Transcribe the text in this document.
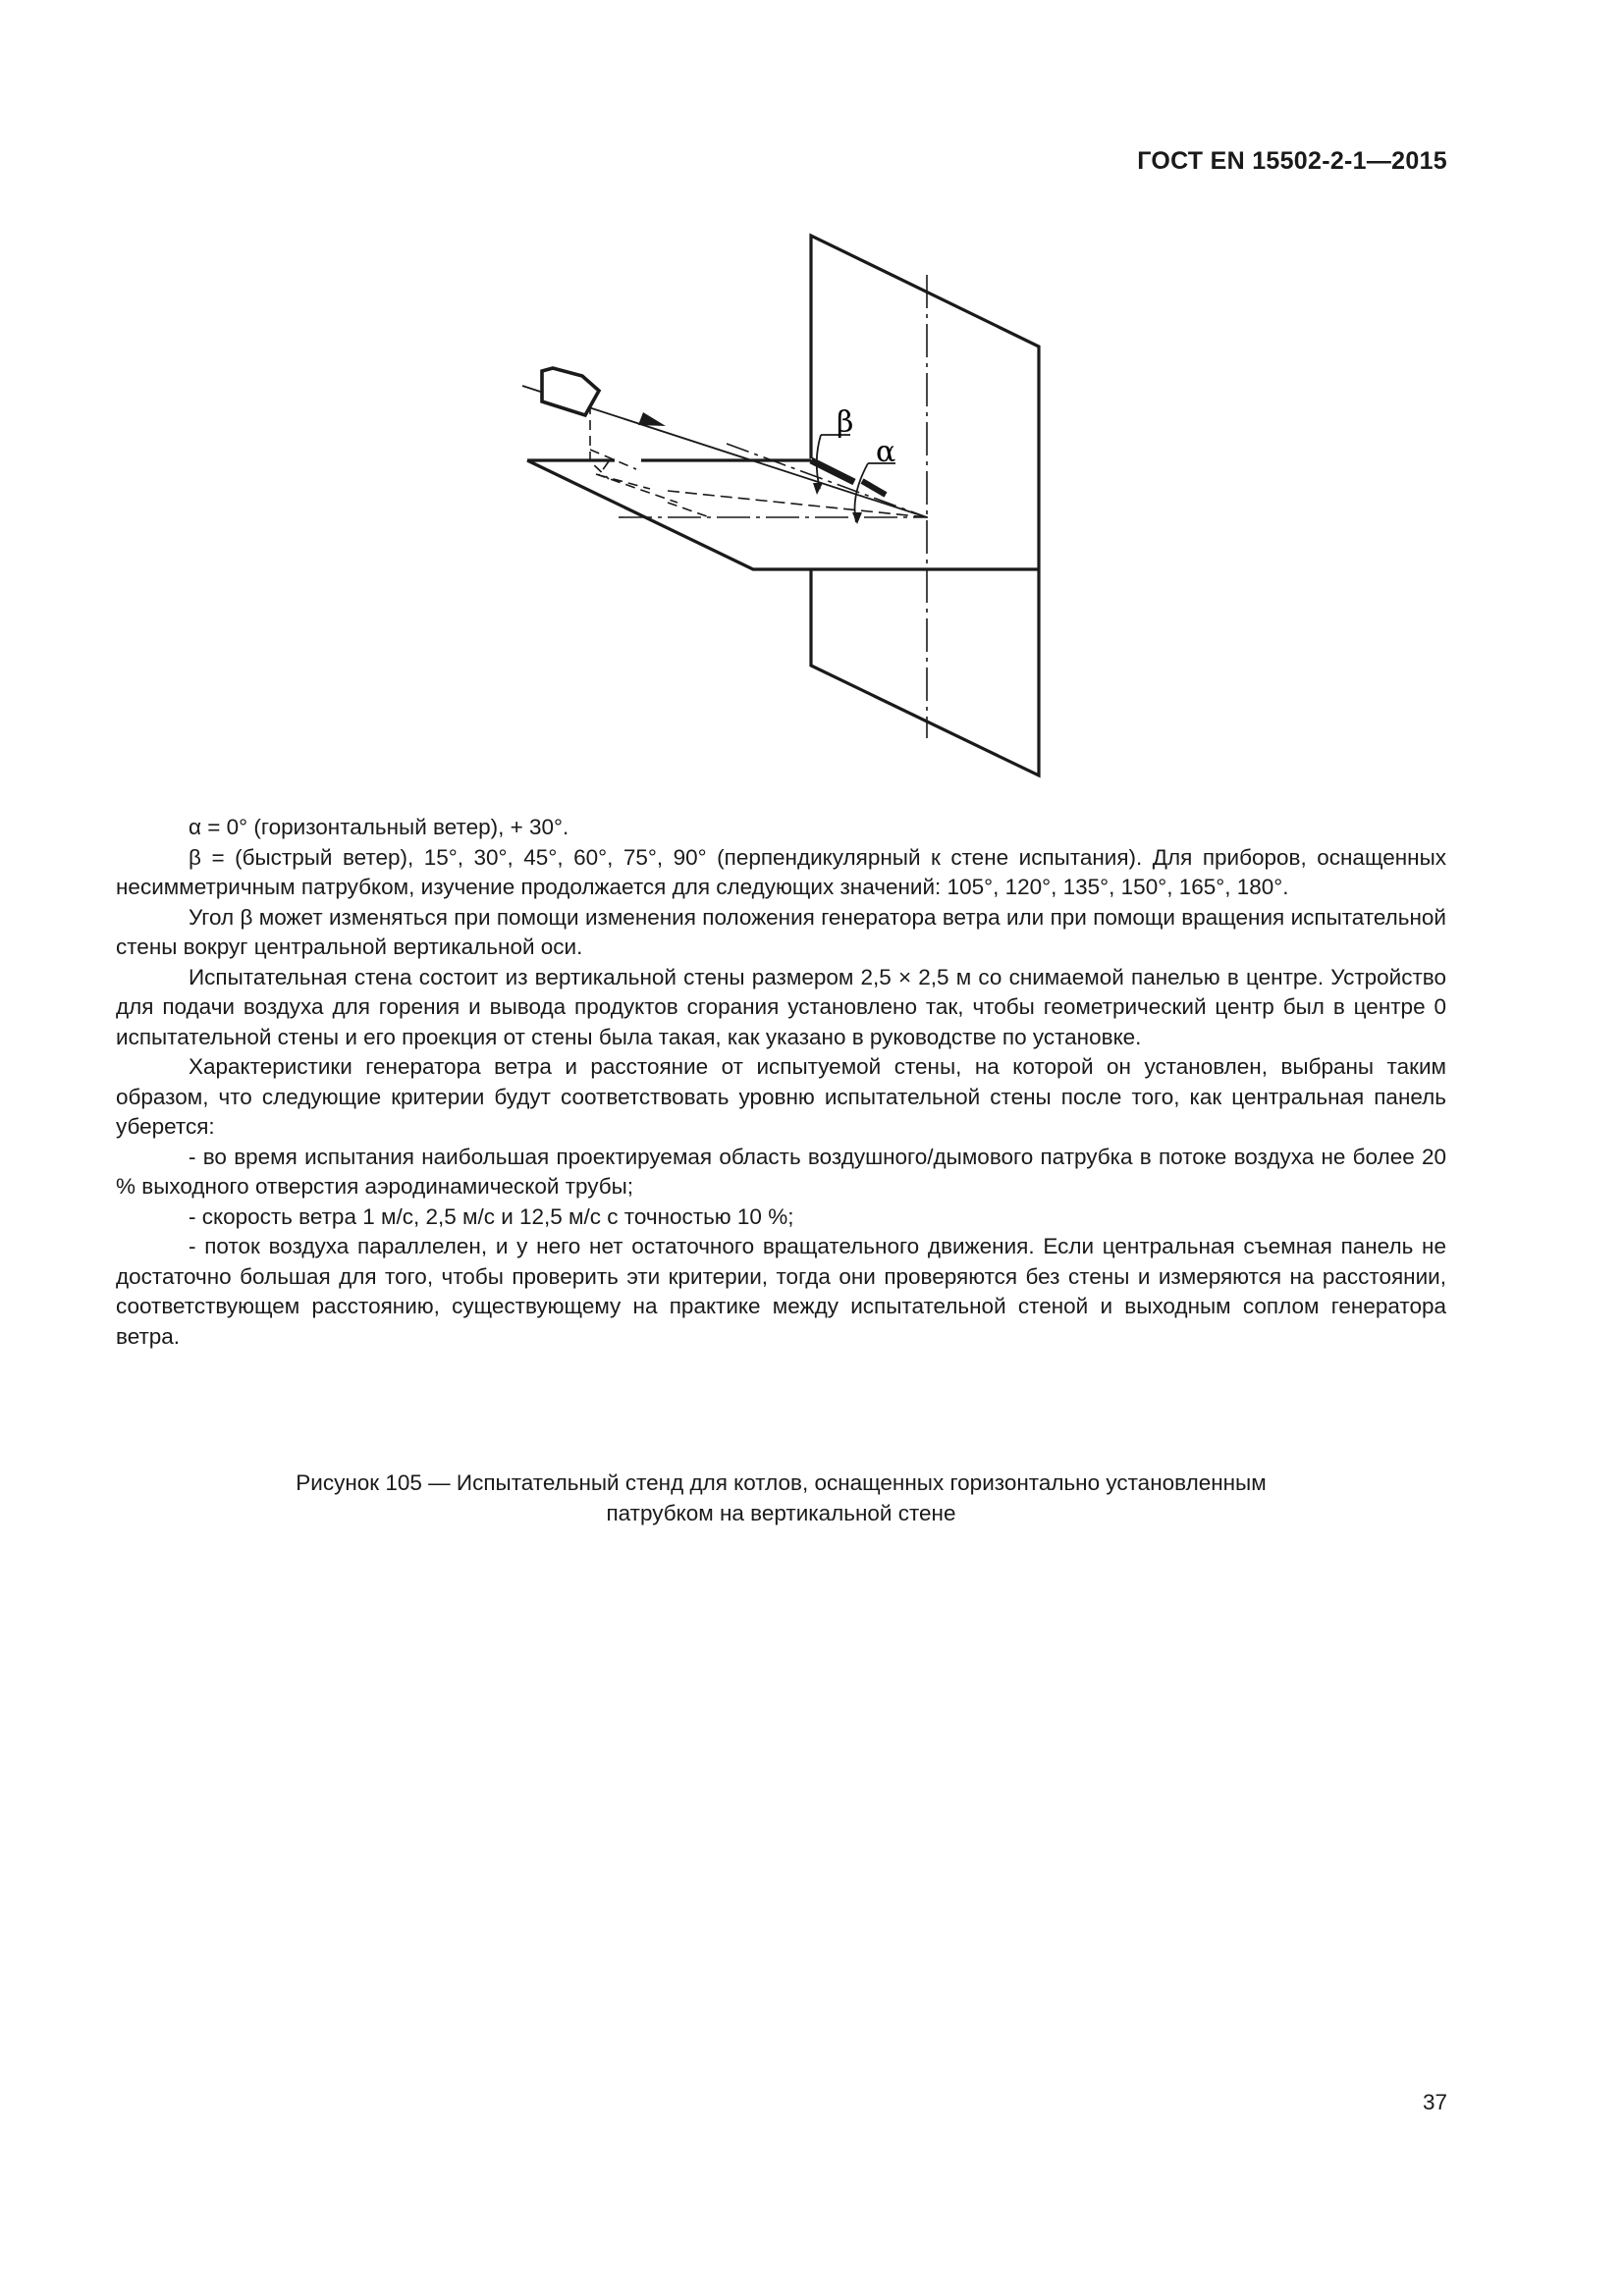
ГОСТ EN 15502-2-1—2015
β
α

α = 0° (горизонтальный ветер), + 30°.

β = (быстрый ветер), 15°, 30°, 45°, 60°, 75°, 90° (перпендикулярный к стене испытания). Для приборов, оснащенных несимметричным патрубком, изучение продолжается для следующих значений: 105°, 120°, 135°, 150°, 165°, 180°.

Угол β может изменяться при помощи изменения положения генератора ветра или при помощи вращения испытательной стены вокруг центральной вертикальной оси.

Испытательная стена состоит из вертикальной стены размером 2,5 × 2,5 м со снимаемой панелью в центре. Устройство для подачи воздуха для горения и вывода продуктов сгорания установлено так, чтобы геометрический центр был в центре 0 испытательной стены и его проекция от стены была такая, как указано в руководстве по установке.

Характеристики генератора ветра и расстояние от испытуемой стены, на которой он установлен, выбраны таким образом, что следующие критерии будут соответствовать уровню испытательной стены после того, как центральная панель уберется:

- во время испытания наибольшая проектируемая область воздушного/дымового патрубка в потоке воздуха не более 20 % выходного отверстия аэродинамической трубы;

- скорость ветра 1 м/с, 2,5 м/с и 12,5 м/с с точностью 10 %;

- поток воздуха параллелен, и у него нет остаточного вращательного движения. Если центральная съемная панель не достаточно большая для того, чтобы проверить эти критерии, тогда они проверяются без стены и измеряются на расстоянии, соответствующем расстоянию, существующему на практике между испытательной стеной и выходным соплом генератора ветра.

Рисунок 105 — Испытательный стенд для котлов, оснащенных горизонтально установленным
патрубком на вертикальной стене
37
